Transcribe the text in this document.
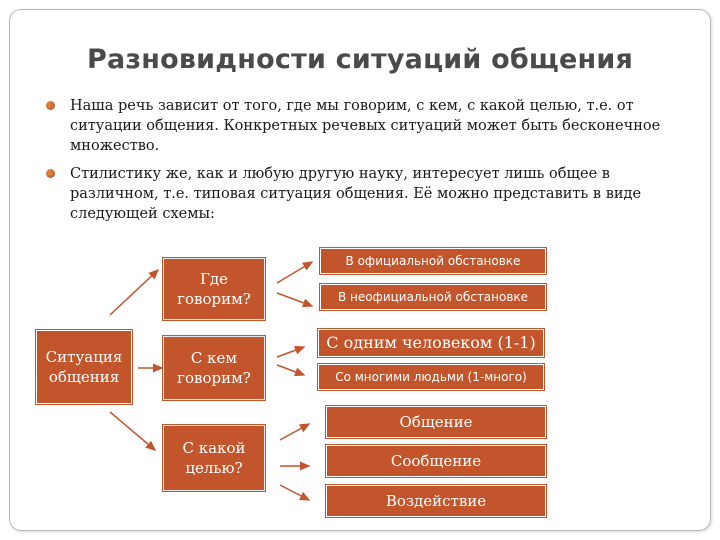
Разновидности ситуаций общения
Наша речь зависит от того, где мы говорим, с кем, с какой целью, т.е. от ситуации общения. Конкретных речевых ситуаций может быть бесконечное множество.
Стилистику же, как и любую другую науку, интересует лишь общее в различном, т.е. типовая ситуация общения. Её можно представить в виде следующей схемы:
Ситуация общения
Где говорим?
С кем говорим?
С какой целью?
В официальной обстановке
В неофициальной обстановке
С одним человеком (1-1)
Со многими людьми (1-много)
Общение
Сообщение
Воздействие
